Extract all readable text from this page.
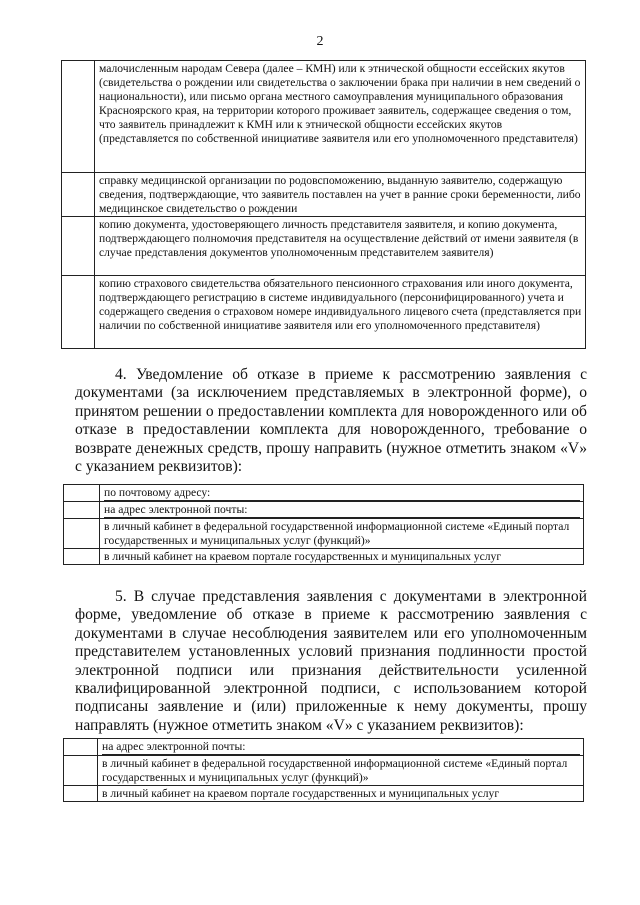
2
	малочисленным народам Севера (далее – КМН) или к этнической общности ессейских якутов (свидетельства о рождении или свидетельства о заключении брака при наличии в нем сведений о национальности), или письмо органа местного самоуправления муниципального образования Красноярского края, на территории которого проживает заявитель, содержащее сведения о том, что заявитель принадлежит к КМН или к этнической общности ессейских якутов (представляется по собственной инициативе заявителя или его уполномоченного представителя)
	справку медицинской организации по родовспоможению, выданную заявителю, содержащую сведения, подтверждающие, что заявитель поставлен на учет в ранние сроки беременности, либо медицинское свидетельство о рождении
	копию документа, удостоверяющего личность представителя заявителя, и копию документа, подтверждающего полномочия представителя на осуществление действий от имени заявителя (в случае представления документов уполномоченным представителем заявителя)
	копию страхового свидетельства обязательного пенсионного страхования или иного документа, подтверждающего регистрацию в системе индивидуального (персонифицированного) учета и содержащего сведения о страховом номере индивидуального лицевого счета (представляется при наличии по собственной инициативе заявителя или его уполномоченного представителя)
4. Уведомление об отказе в приеме к рассмотрению заявления с документами (за исключением представляемых в электронной форме), о принятом решении о предоставлении комплекта для новорожденного или об отказе в предоставлении комплекта для новорожденного, требование о возврате денежных средств, прошу направить (нужное отметить знаком «V» с указанием реквизитов):

	по почтовому адресу:

	на адрес электронной почты:

	в личный кабинет в федеральной государственной информационной системе «Единый портал государственных и муниципальных услуг (функций)»
	в личный кабинет на краевом портале государственных и муниципальных услуг
5. В случае представления заявления с документами в электронной форме, уведомление об отказе в приеме к рассмотрению заявления с документами в случае несоблюдения заявителем или его уполномоченным представителем установленных условий признания подлинности простой электронной подписи или признания действительности усиленной квалифицированной электронной подписи, с использованием которой подписаны заявление и (или) приложенные к нему документы, прошу направлять (нужное отметить знаком «V» с указанием реквизитов):

	на адрес электронной почты:

	в личный кабинет в федеральной государственной информационной системе «Единый портал государственных и муниципальных услуг (функций)»
	в личный кабинет на краевом портале государственных и муниципальных услуг
